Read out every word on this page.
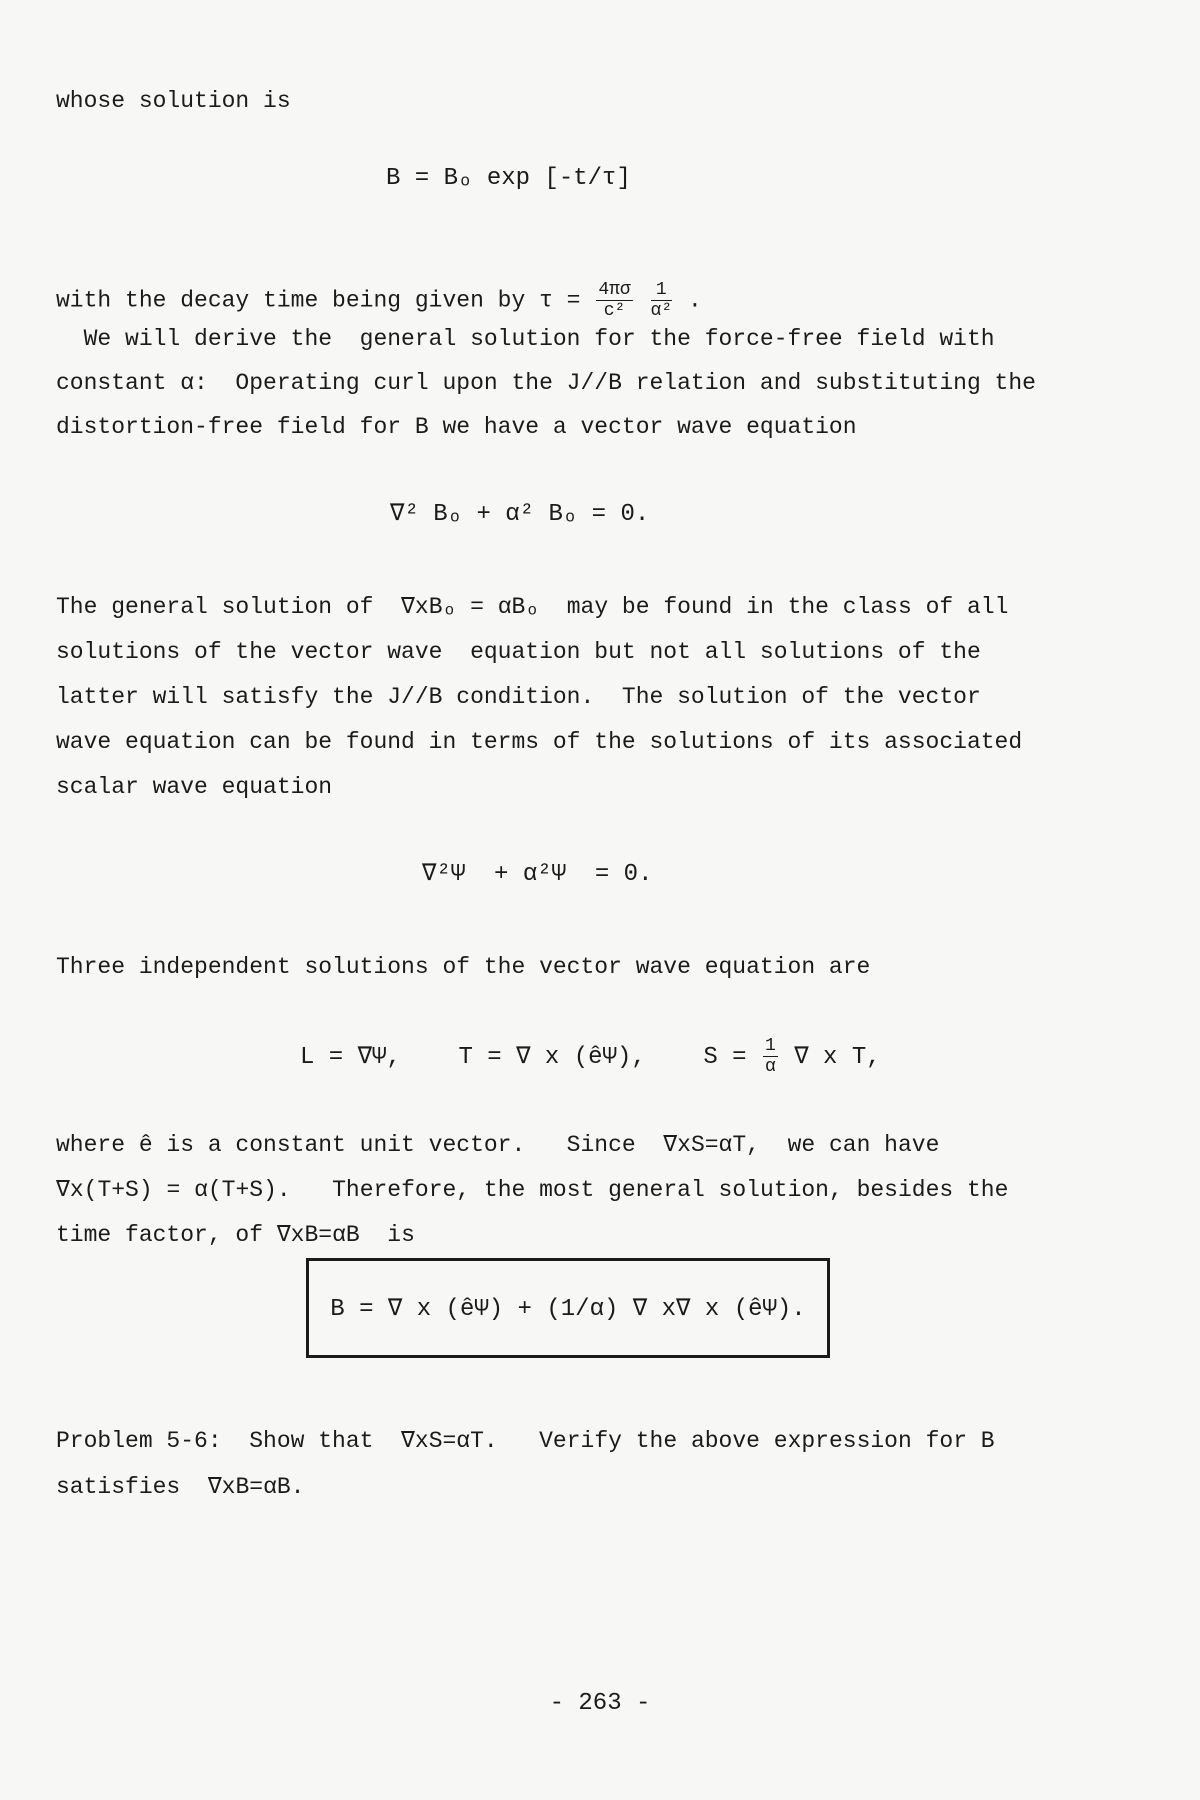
whose solution is
B = Bₒ exp [-t/τ]
with the decay time being given by $\tau = \frac{4\pi\sigma}{\text{c²}}$
$\frac{1}{\text{α²}}$ .
We will derive the  general solution for the force-free field with
constant α:  Operating curl upon the J//B relation and substituting the
distortion-free field for B we have a vector wave equation
∇² Bₒ + α² Bₒ = 0.
The general solution of  ∇xBₒ = αBₒ  may be found in the class of all
solutions of the vector wave  equation but not all solutions of the
latter will satisfy the J//B condition.  The solution of the vector
wave equation can be found in terms of the solutions of its associated
scalar wave equation
∇²Ψ  + α²Ψ  = 0.
Three independent solutions of the vector wave equation are
L = ∇Ψ,    T = ∇ x (êΨ),    $S = \frac{1}{\alpha}$ ∇ x T,
where ê is a constant unit vector.   Since  ∇xS=αT,  we can have
∇x(T+S) = α(T+S).   Therefore, the most general solution, besides the
time factor, of ∇xB=αB  is
B = ∇ x (êΨ) + (1/α) ∇ x∇ x (êΨ).
Problem 5-6:  Show that  ∇xS=αT.   Verify the above expression for B
satisfies  ∇xB=αB.
- 263 -
